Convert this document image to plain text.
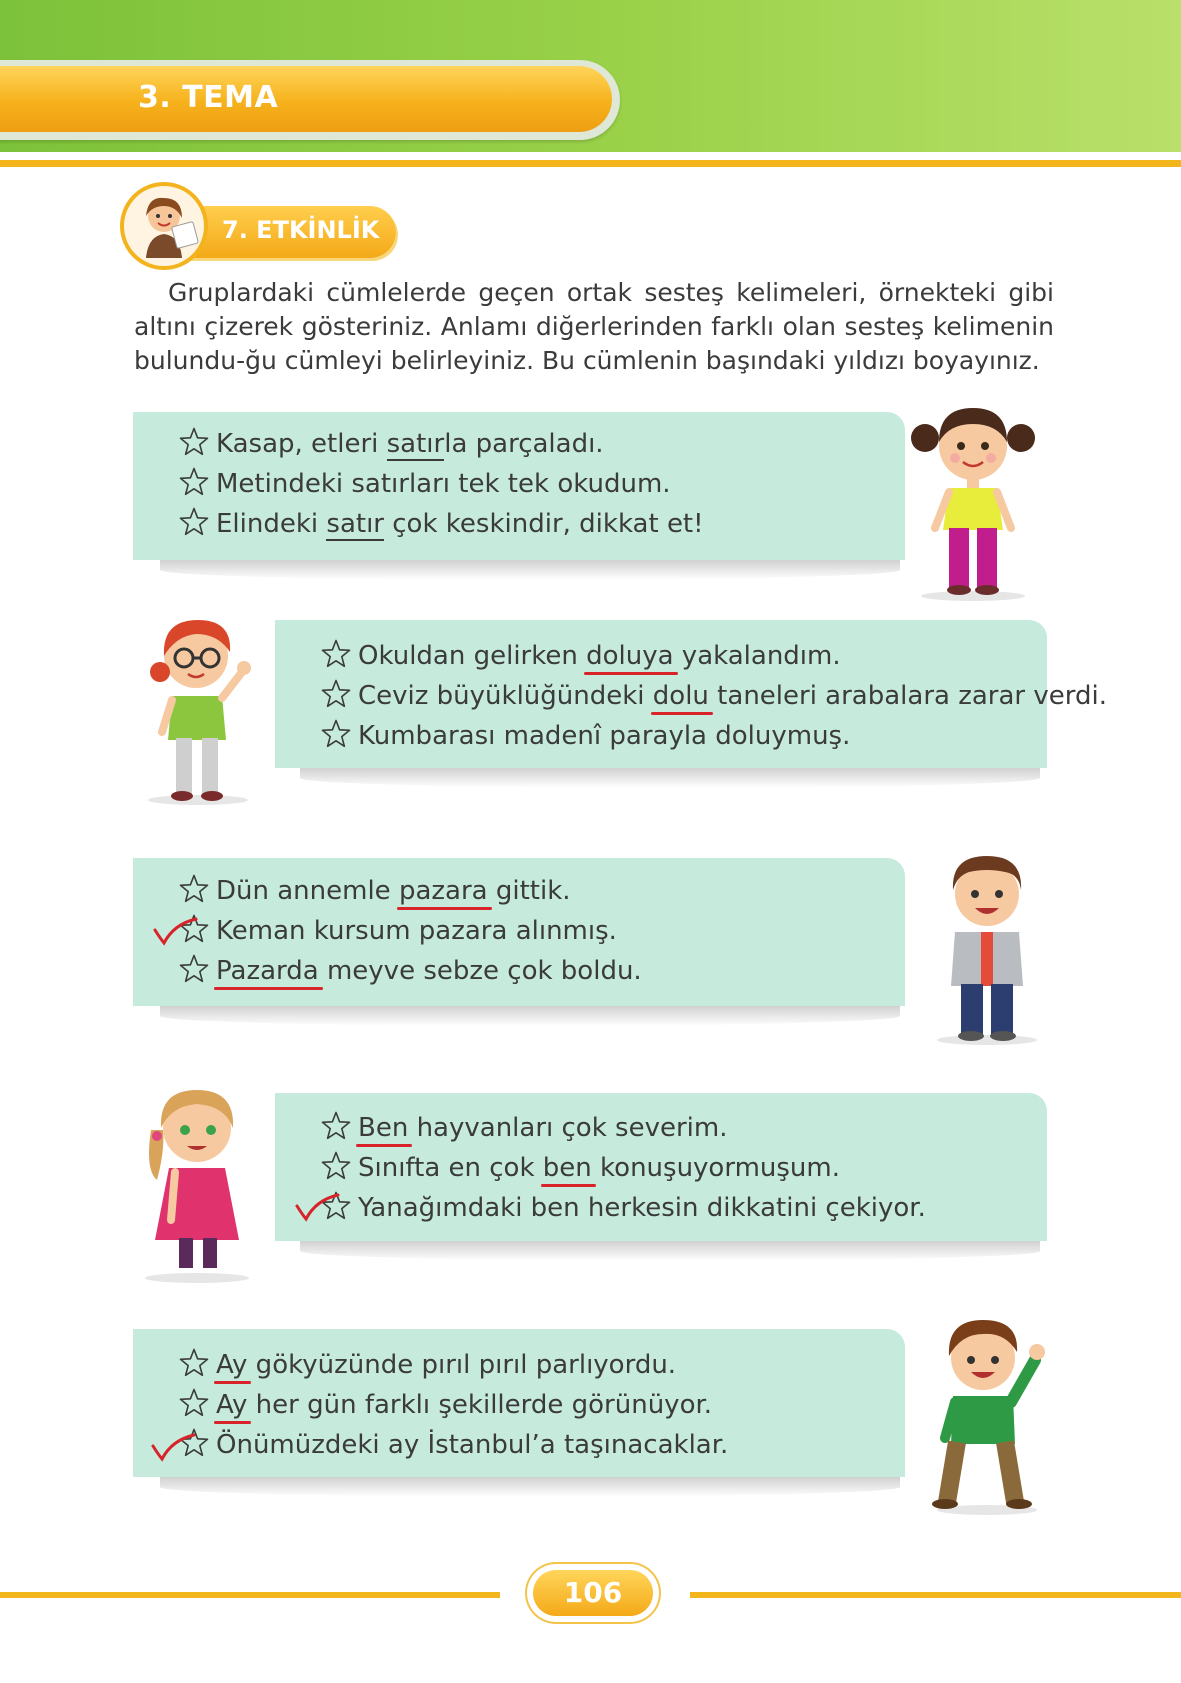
3. TEMA
7. ETKİNLİK
Gruplardaki cümlelerde geçen ortak sesteş kelimeleri, örnekteki gibi altını çizerek gösteriniz. Anlamı diğerlerinden farklı olan sesteş kelimenin bulundu-ğu cümleyi belirleyiniz. Bu cümlenin başındaki yıldızı boyayınız.
Kasap, etleri satırla parçaladı.
Metindeki satırları tek tek okudum.
Elindeki satır çok keskindir, dikkat et!
Okuldan gelirken doluya yakalandım.
Ceviz büyüklüğündeki dolu taneleri arabalara zarar verdi.
Kumbarası madenî parayla doluymuş.
Dün annemle pazara gittik.
Keman kursum pazara alınmış.
Pazarda meyve sebze çok boldu.
Ben hayvanları çok severim.
Sınıfta en çok ben konuşuyormuşum.
Yanağımdaki ben herkesin dikkatini çekiyor.
Ay gökyüzünde pırıl pırıl parlıyordu.
Ay her gün farklı şekillerde görünüyor.
Önümüzdeki ay İstanbul’a taşınacaklar.
106
